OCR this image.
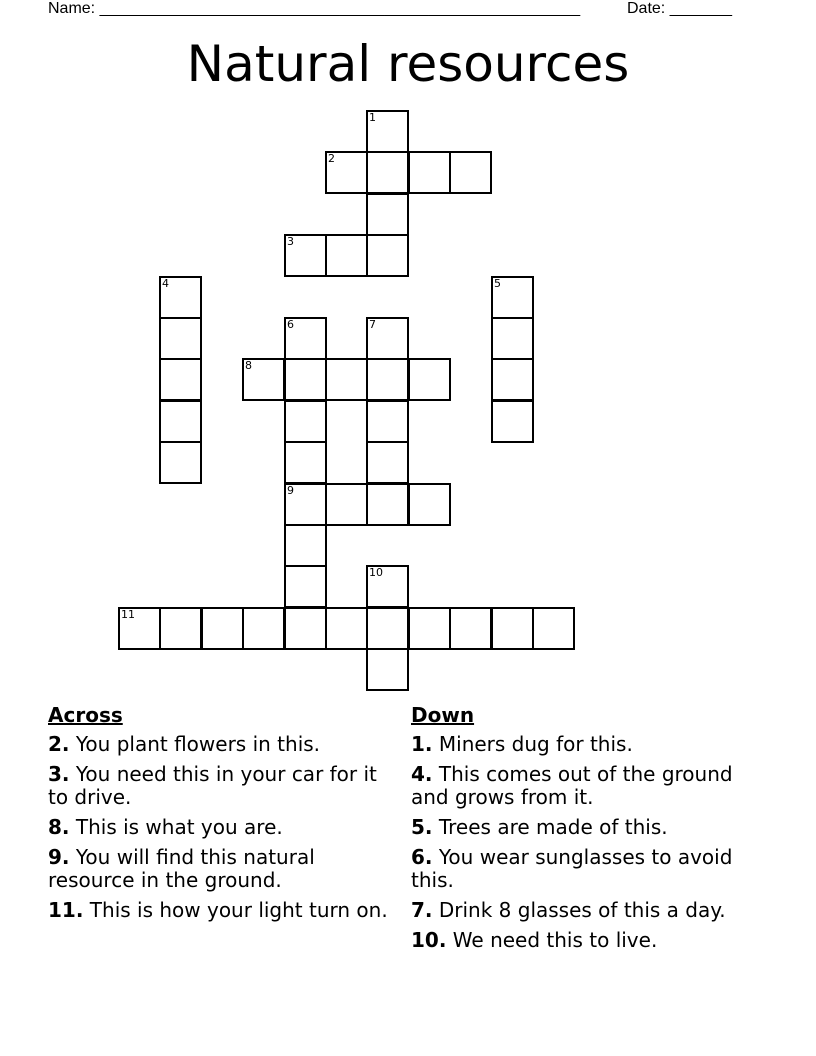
Name: ______________________________________________________	Date: _______
Natural resources
1
2
3
4	5
6	7
8
9
10
11
Across
2. You plant flowers in this.
3. You need this in your car for it to drive.
8. This is what you are.
9. You will find this natural resource in the ground.
11. This is how your light turn on.
Down
1. Miners dug for this.
4. This comes out of the ground and grows from it.
5. Trees are made of this.
6. You wear sunglasses to avoid this.
7. Drink 8 glasses of this a day.
10. We need this to live.
